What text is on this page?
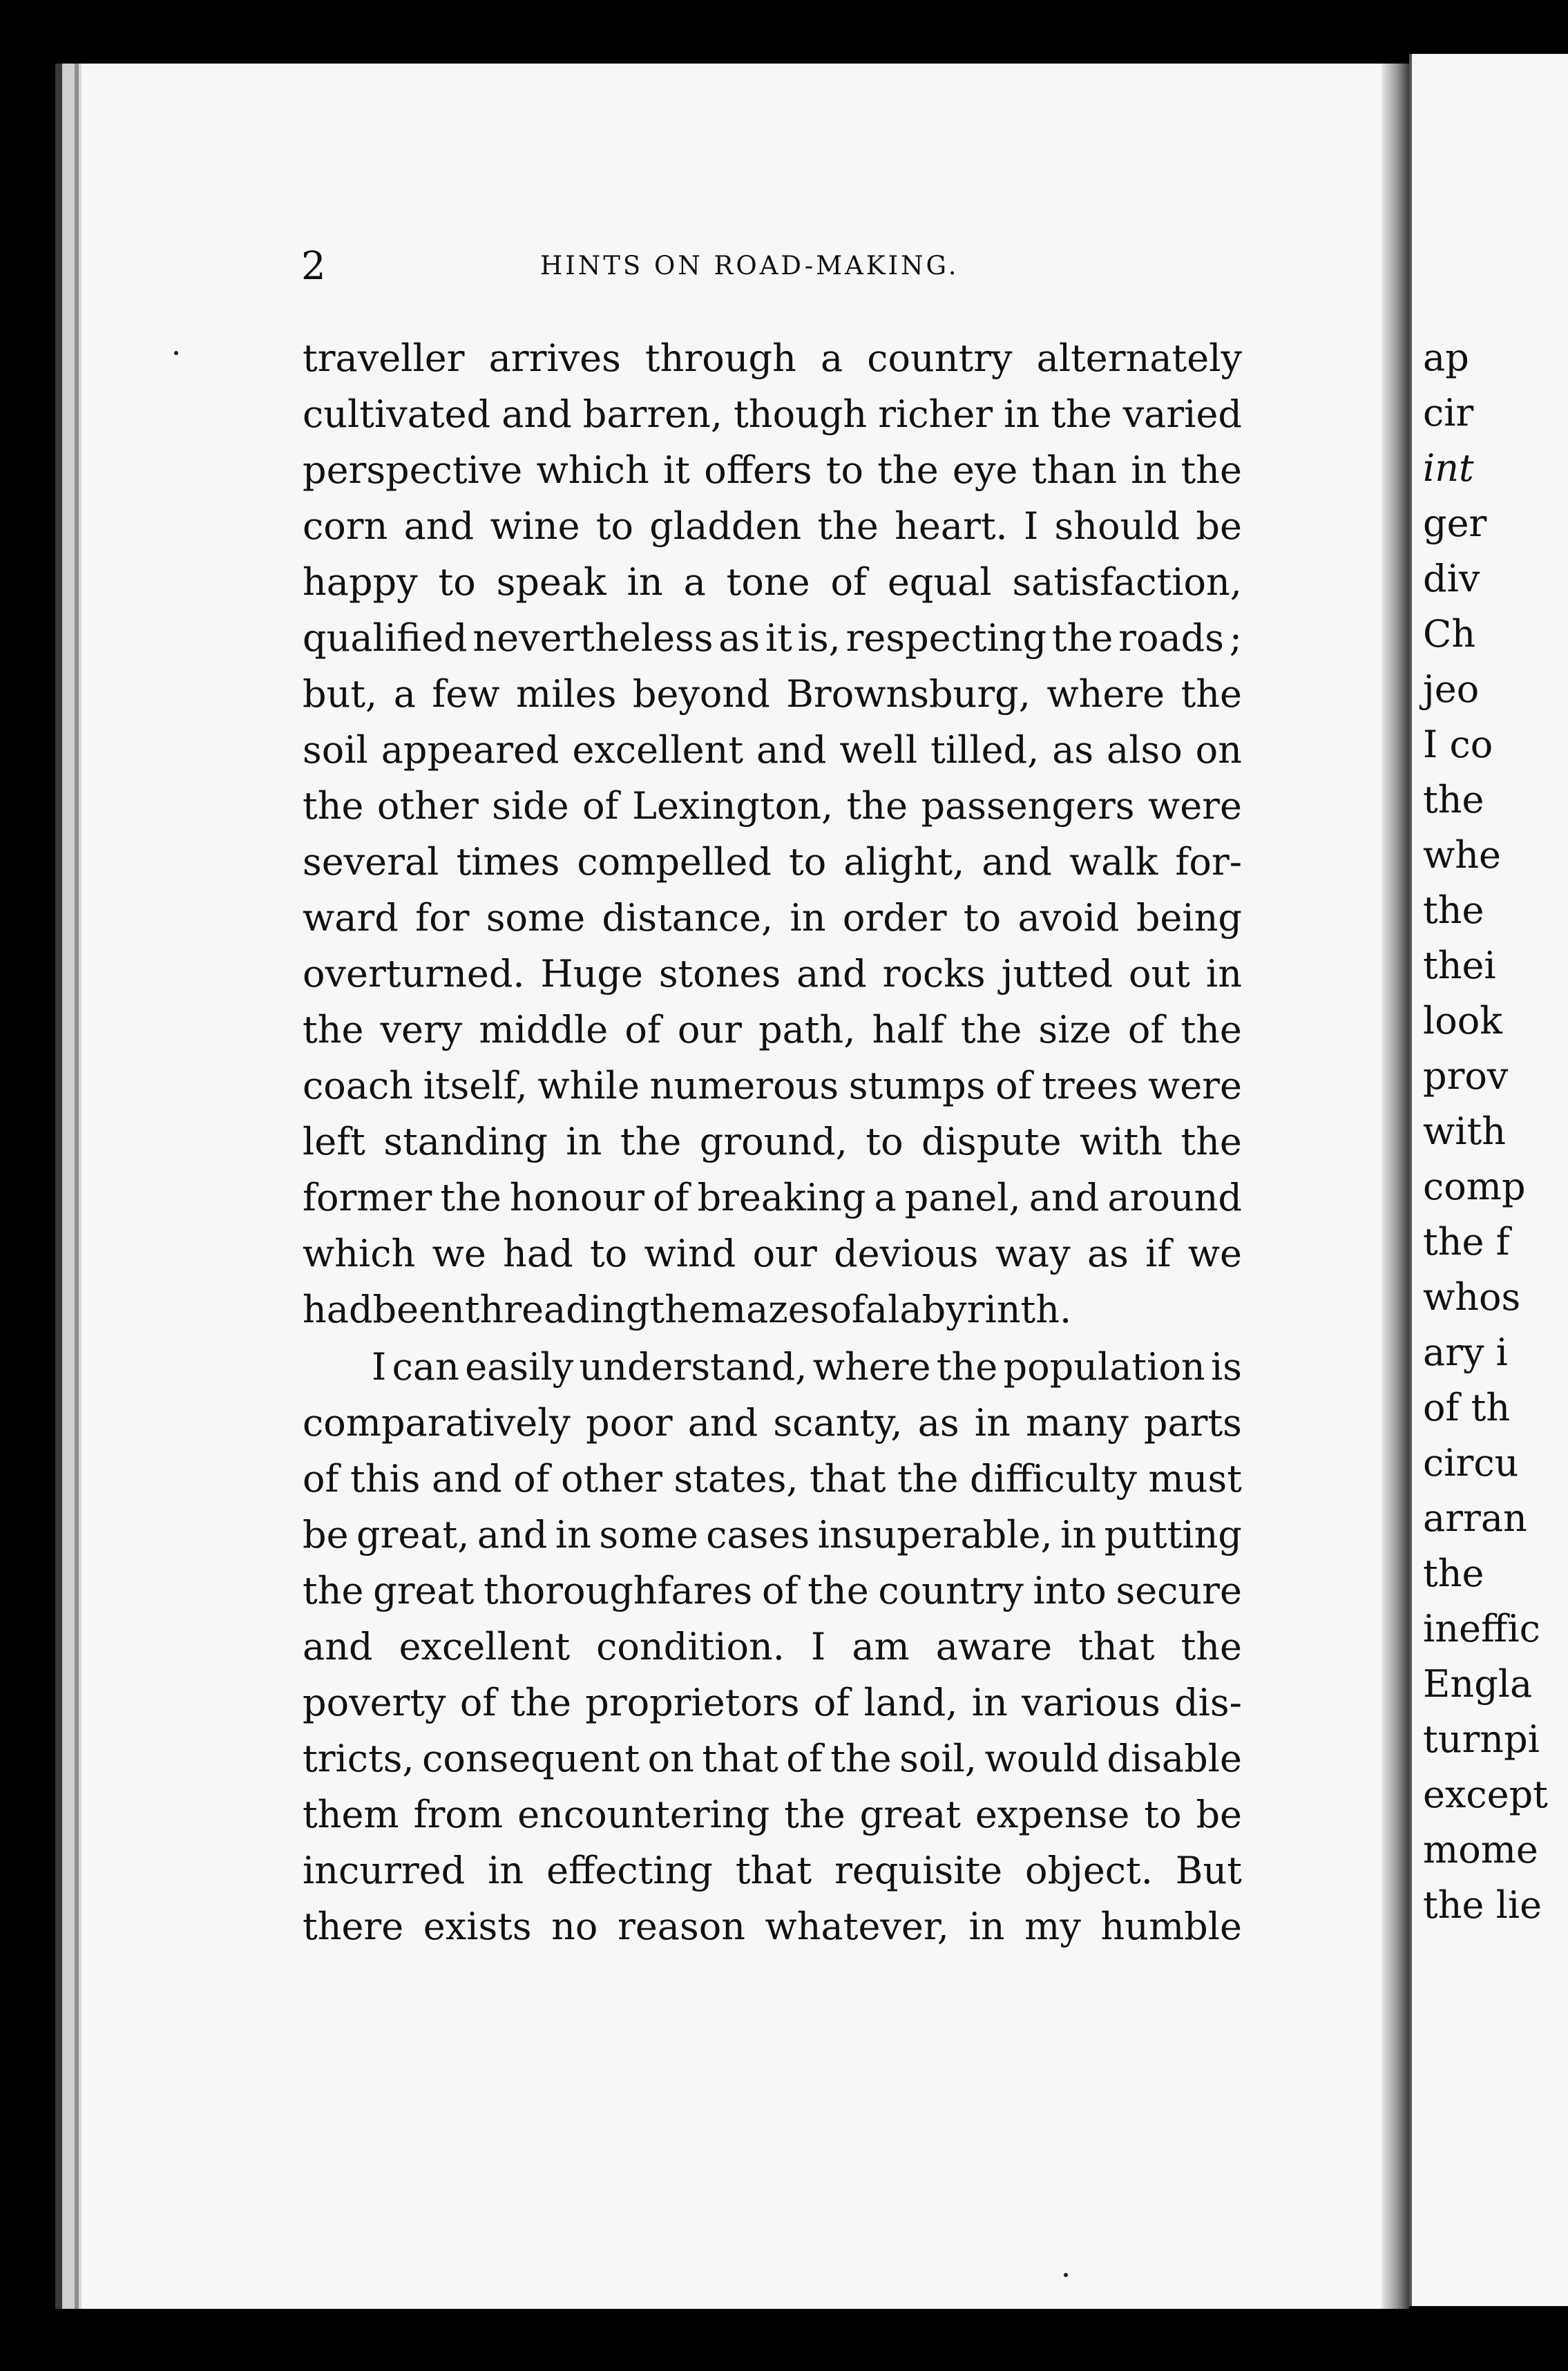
2	HINTS ON ROAD-MAKING.
traveller arrives through a country alternately
cultivated and barren, though richer in the varied
perspective which it offers to the eye than in the
corn and wine to gladden the heart. I should be
happy to speak in a tone of equal satisfaction,
qualified nevertheless as it is, respecting the roads ;
but, a few miles beyond Brownsburg, where the
soil appeared excellent and well tilled, as also on
the other side of Lexington, the passengers were
several times compelled to alight, and walk for-
ward for some distance, in order to avoid being
overturned. Huge stones and rocks jutted out in
the very middle of our path, half the size of the
coach itself, while numerous stumps of trees were
left standing in the ground, to dispute with the
former the honour of breaking a panel, and around
which we had to wind our devious way as if we
had been threading the mazes of a labyrinth.
I can easily understand, where the population is
comparatively poor and scanty, as in many parts
of this and of other states, that the difficulty must
be great, and in some cases insuperable, in putting
the great thoroughfares of the country into secure
and excellent condition. I am aware that the
poverty of the proprietors of land, in various dis-
tricts, consequent on that of the soil, would disable
them from encountering the great expense to be
incurred in effecting that requisite object. But
there exists no reason whatever, in my humble
ap
cir
int
ger
div
Ch
jeo
I co
the
whe
the
thei
look
prov
with
comp
the f
whos
ary i
of th
circu
arran
the
ineffic
Engla
turnpi
except
mome
the lie
